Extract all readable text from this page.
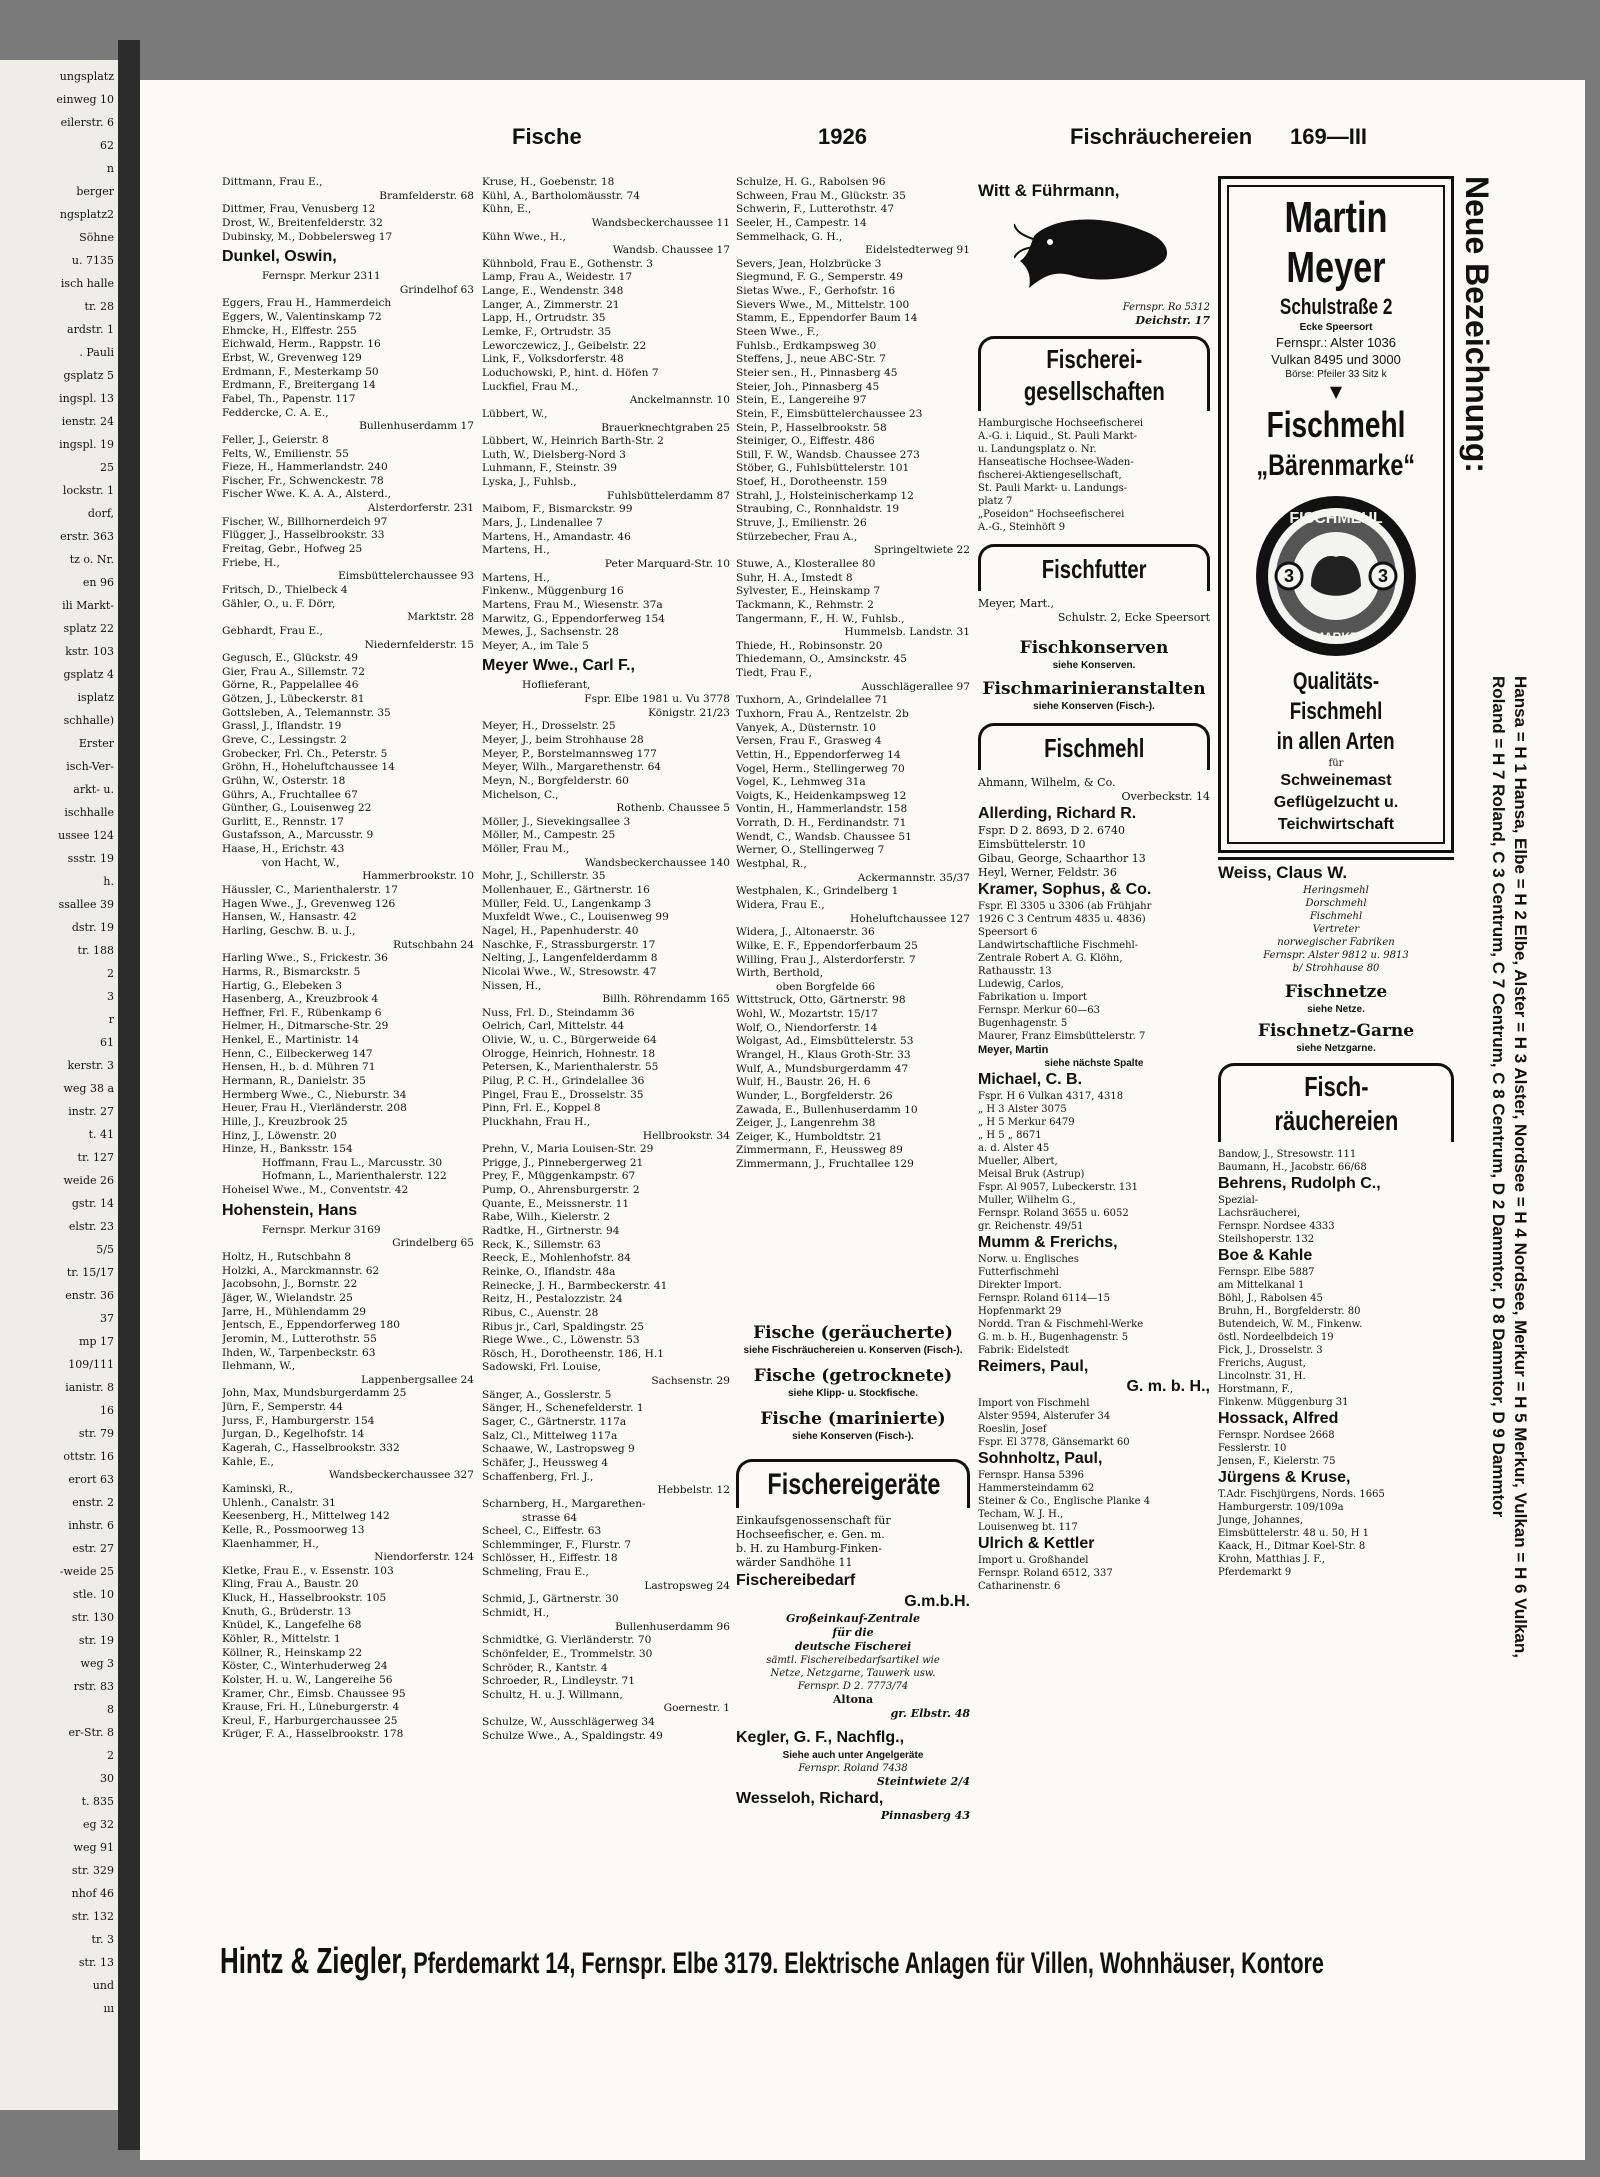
ungsplatz
einweg 10
eilerstr. 6
62
n
berger
ngsplatz2
Söhne
u. 7135
isch halle
tr. 28
ardstr. 1
. Pauli
gsplatz 5
ingspl. 13
ienstr. 24
ingspl. 19
25
lockstr. 1
dorf,
erstr. 363
tz o. Nr.
en 96
ili Markt-
splatz 22
kstr. 103
gsplatz 4
isplatz
schhalle)
Erster
isch-Ver-
arkt- u.
ischhalle
ussee 124
ssstr. 19
h.
ssallee 39
dstr. 19
tr. 188
2
3
r
61
kerstr. 3
weg 38 a
instr. 27
t. 41
tr. 127
weide 26
gstr. 14
elstr. 23
5/5
tr. 15/17
enstr. 36
37
mp 17
109/111
ianistr. 8
16
str. 79
ottstr. 16
erort 63
enstr. 2
inhstr. 6
estr. 27
-weide 25
stle. 10
str. 130
str. 19
weg 3
rstr. 83
8
er-Str. 8
2
30
t. 835
eg 32
weg 91
str. 329
nhof 46
str. 132
tr. 3
str. 13
und
ııı
Fische	1926	Fischräuchereien 169—III
Dittmann, Frau E.,
Bramfelderstr. 68
Dittmer, Frau, Venusberg 12
Drost, W., Breitenfelderstr. 32
Dubinsky, M., Dobbelersweg 17
Dunkel, Oswin,
Fernspr. Merkur 2311
Grindelhof 63
Eggers, Frau H., Hammerdeich
Eggers, W., Valentinskamp 72
Ehmcke, H., Elffestr. 255
Eichwald, Herm., Rappstr. 16
Erbst, W., Grevenweg 129
Erdmann, F., Mesterkamp 50
Erdmann, F., Breitergang 14
Fabel, Th., Papenstr. 117
Feddercke, C. A. E.,
Bullenhuserdamm 17
Feller, J., Geierstr. 8
Felts, W., Emilienstr. 55
Fieze, H., Hammerlandstr. 240
Fischer, Fr., Schwenckestr. 78
Fischer Wwe. K. A. A., Alsterd.,
Alsterdorferstr. 231
Fischer, W., Billhornerdeich 97
Flügger, J., Hasselbrookstr. 33
Freitag, Gebr., Hofweg 25
Friebe, H.,
Eimsbüttelerchaussee 93
Fritsch, D., Thielbeck 4
Gähler, O., u. F. Dörr,
Marktstr. 28
Gebhardt, Frau E.,
Niedernfelderstr. 15
Gegusch, E., Glückstr. 49
Gier, Frau A., Sillemstr. 72
Görne, R., Pappelallee 46
Götzen, J., Lübeckerstr. 81
Gottsleben, A., Telemannstr. 35
Grassl, J., Iflandstr. 19
Greve, C., Lessingstr. 2
Grobecker, Frl. Ch., Peterstr. 5
Gröhn, H., Hoheluftchaussee 14
Grühn, W., Osterstr. 18
Gührs, A., Fruchtallee 67
Günther, G., Louisenweg 22
Gurlitt, E., Rennstr. 17
Gustafsson, A., Marcusstr. 9
Haase, H., Erichstr. 43
von Hacht, W.,
Hammerbrookstr. 10
Häussler, C., Marienthalerstr. 17
Hagen Wwe., J., Grevenweg 126
Hansen, W., Hansastr. 42
Harling, Geschw. B. u. J.,
Rutschbahn 24
Harling Wwe., S., Frickestr. 36
Harms, R., Bismarckstr. 5
Hartig, G., Elebeken 3
Hasenberg, A., Kreuzbrook 4
Heffner, Frl. F., Rübenkamp 6
Helmer, H., Ditmarsche-Str. 29
Henkel, E., Martinistr. 14
Henn, C., Eilbeckerweg 147
Hensen, H., b. d. Mühren 71
Hermann, R., Danielstr. 35
Hermberg Wwe., C., Nieburstr. 34
Heuer, Frau H., Vierländerstr. 208
Hille, J., Kreuzbrook 25
Hinz, J., Löwenstr. 20
Hinze, H., Banksstr. 154
Hoffmann, Frau L., Marcusstr. 30
Hofmann, L., Marienthalerstr. 122
Hoheisel Wwe., M., Conventstr. 42
Hohenstein, Hans
Fernspr. Merkur 3169
Grindelberg 65
Holtz, H., Rutschbahn 8
Holzki, A., Marckmannstr. 62
Jacobsohn, J., Bornstr. 22
Jäger, W., Wielandstr. 25
Jarre, H., Mühlendamm 29
Jentsch, E., Eppendorferweg 180
Jeromin, M., Lutterothstr. 55
Ihden, W., Tarpenbeckstr. 63
Ilehmann, W.,
Lappenbergsallee 24
John, Max, Mundsburgerdamm 25
Jürn, F., Semperstr. 44
Jurss, F., Hamburgerstr. 154
Jurgan, D., Kegelhofstr. 14
Kagerah, C., Hasselbrookstr. 332
Kahle, E.,
Wandsbeckerchaussee 327
Kaminski, R.,
Uhlenh., Canalstr. 31
Keesenberg, H., Mittelweg 142
Kelle, R., Possmoorweg 13
Klaenhammer, H.,
Niendorferstr. 124
Kletke, Frau E., v. Essenstr. 103
Kling, Frau A., Baustr. 20
Kluck, H., Hasselbrookstr. 105
Knuth, G., Brüderstr. 13
Knüdel, K., Langefelhe 68
Köhler, R., Mittelstr. 1
Köllner, R., Heinskamp 22
Köster, C., Winterhuderweg 24
Kolster, H. u. W., Langereihe 56
Kramer, Chr., Eimsb. Chaussee 95
Krause, Fri. H., Lüneburgerstr. 4
Kreul, F., Harburgerchaussee 25
Krüger, F. A., Hasselbrookstr. 178
Kruse, H., Goebenstr. 18
Kühl, A., Bartholomäusstr. 74
Kühn, E.,
Wandsbeckerchaussee 11
Kühn Wwe., H.,
Wandsb. Chaussee 17
Kühnbold, Frau E., Gothenstr. 3
Lamp, Frau A., Weidestr. 17
Lange, E., Wendenstr. 348
Langer, A., Zimmerstr. 21
Lapp, H., Ortrudstr. 35
Lemke, F., Ortrudstr. 35
Leworczewicz, J., Geibelstr. 22
Link, F., Volksdorferstr. 48
Loduchowski, P., hint. d. Höfen 7
Luckfiel, Frau M.,
Anckelmannstr. 10
Lübbert, W.,
Brauerknechtgraben 25
Lübbert, W., Heinrich Barth-Str. 2
Luth, W., Dielsberg-Nord 3
Luhmann, F., Steinstr. 39
Lyska, J., Fuhlsb.,
Fuhlsbüttelerdamm 87
Maibom, F., Bismarckstr. 99
Mars, J., Lindenallee 7
Martens, H., Amandastr. 46
Martens, H.,
Peter Marquard-Str. 10
Martens, H.,
Finkenw., Müggenburg 16
Martens, Frau M., Wiesenstr. 37a
Marwitz, G., Eppendorferweg 154
Mewes, J., Sachsenstr. 28
Meyer, A., im Tale 5
Meyer Wwe., Carl F.,
Hoflieferant,
Fspr. Elbe 1981 u. Vu 3778
Königstr. 21/23
Meyer, H., Drosselstr. 25
Meyer, J., beim Strohhause 28
Meyer, P., Borstelmannsweg 177
Meyer, Wilh., Margarethenstr. 64
Meyn, N., Borgfelderstr. 60
Michelson, C.,
Rothenb. Chaussee 5
Möller, J., Sievekingsallee 3
Möller, M., Campestr. 25
Möller, Frau M.,
Wandsbeckerchaussee 140
Mohr, J., Schillerstr. 35
Mollenhauer, E., Gärtnerstr. 16
Müller, Feld. U., Langenkamp 3
Muxfeldt Wwe., C., Louisenweg 99
Nagel, H., Papenhuderstr. 40
Naschke, F., Strassburgerstr. 17
Nelting, J., Langenfelderdamm 8
Nicolai Wwe., W., Stresowstr. 47
Nissen, H.,
Billh. Röhrendamm 165
Nuss, Frl. D., Steindamm 36
Oelrich, Carl, Mittelstr. 44
Olivie, W., u. C., Bürgerweide 64
Olrogge, Heinrich, Hohnestr. 18
Petersen, K., Marienthalerstr. 55
Pilug, P. C. H., Grindelallee 36
Pingel, Frau E., Drosselstr. 35
Pinn, Frl. E., Koppel 8
Pluckhahn, Frau H.,
Hellbrookstr. 34
Prehn, V., Maria Louisen-Str. 29
Prigge, J., Pinnebergerweg 21
Prey, F., Müggenkampstr. 67
Pump, O., Ahrensburgerstr. 2
Quante, E., Meissnerstr. 11
Rabe, Wilh., Kielerstr. 2
Radtke, H., Girtnerstr. 94
Reck, K., Sillemstr. 63
Reeck, E., Mohlenhofstr. 84
Reinke, O., Iflandstr. 48a
Reinecke, J. H., Barmbeckerstr. 41
Reitz, H., Pestalozzistr. 24
Ribus, C., Auenstr. 28
Ribus jr., Carl, Spaldingstr. 25
Riege Wwe., C., Löwenstr. 53
Rösch, H., Dorotheenstr. 186, H.1
Sadowski, Frl. Louise,
Sachsenstr. 29
Sänger, A., Gosslerstr. 5
Sänger, H., Schenefelderstr. 1
Sager, C., Gärtnerstr. 117a
Salz, Cl., Mittelweg 117a
Schaawe, W., Lastropsweg 9
Schäfer, J., Heussweg 4
Schaffenberg, Frl. J.,
Hebbelstr. 12
Scharnberg, H., Margarethen-
strasse 64
Scheel, C., Eiffestr. 63
Schlemminger, F., Flurstr. 7
Schlösser, H., Eiffestr. 18
Schmeling, Frau E.,
Lastropsweg 24
Schmid, J., Gärtnerstr. 30
Schmidt, H.,
Bullenhuserdamm 96
Schmidtke, G. Vierländerstr. 70
Schönfelder, E., Trommelstr. 30
Schröder, R., Kantstr. 4
Schroeder, R., Lindleystr. 71
Schultz, H. u. J. Willmann,
Goernestr. 1
Schulze, W., Ausschlägerweg 34
Schulze Wwe., A., Spaldingstr. 49
Schulze, H. G., Rabolsen 96
Schween, Frau M., Glückstr. 35
Schwerin, F., Lutterothstr. 47
Seeler, H., Campestr. 14
Semmelhack, G. H.,
Eidelstedterweg 91
Severs, Jean, Holzbrücke 3
Siegmund, F. G., Semperstr. 49
Sietas Wwe., F., Gerhofstr. 16
Sievers Wwe., M., Mittelstr. 100
Stamm, E., Eppendorfer Baum 14
Steen Wwe., F.,
Fuhlsb., Erdkampsweg 30
Steffens, J., neue ABC-Str. 7
Steier sen., H., Pinnasberg 45
Steier, Joh., Pinnasberg 45
Stein, E., Langereihe 97
Stein, F., Eimsbüttelerchaussee 23
Stein, P., Hasselbrookstr. 58
Steiniger, O., Eiffestr. 486
Still, F. W., Wandsb. Chaussee 273
Stöber, G., Fuhlsbüttelerstr. 101
Stoef, H., Dorotheenstr. 159
Strahl, J., Holsteinischerkamp 12
Straubing, C., Ronnhaldstr. 19
Struve, J., Emilienstr. 26
Stürzebecher, Frau A.,
Springeltwiete 22
Stuwe, A., Klosterallee 80
Suhr, H. A., Imstedt 8
Sylvester, E., Heinskamp 7
Tackmann, K., Rehmstr. 2
Tangermann, F., H. W., Fuhlsb.,
Hummelsb. Landstr. 31
Thiede, H., Robinsonstr. 20
Thiedemann, O., Amsinckstr. 45
Tiedt, Frau F.,
Ausschlägerallee 97
Tuxhorn, A., Grindelallee 71
Tuxhorn, Frau A., Rentzelstr. 2b
Vanyek, A., Düsternstr. 10
Versen, Frau F., Grasweg 4
Vettin, H., Eppendorferweg 14
Vogel, Herm., Stellingerweg 70
Vogel, K., Lehmweg 31a
Voigts, K., Heidenkampsweg 12
Vontin, H., Hammerlandstr. 158
Vorrath, D. H., Ferdinandstr. 71
Wendt, C., Wandsb. Chaussee 51
Werner, O., Stellingerweg 7
Westphal, R.,
Ackermannstr. 35/37
Westphalen, K., Grindelberg 1
Widera, Frau E.,
Hoheluftchaussee 127
Widera, J., Altonaerstr. 36
Wilke, E. F., Eppendorferbaum 25
Willing, Frau J., Alsterdorferstr. 7
Wirth, Berthold,
oben Borgfelde 66
Wittstruck, Otto, Gärtnerstr. 98
Wohl, W., Mozartstr. 15/17
Wolf, O., Niendorferstr. 14
Wolgast, Ad., Eimsbüttelerstr. 53
Wrangel, H., Klaus Groth-Str. 33
Wulf, A., Mundsburgerdamm 47
Wulf, H., Baustr. 26, H. 6
Wunder, L., Borgfelderstr. 26
Zawada, E., Bullenhuserdamm 10
Zeiger, J., Langenrehm 38
Zeiger, K., Humboldtstr. 21
Zimmermann, F., Heussweg 89
Zimmermann, J., Fruchtallee 129
Fische (geräucherte)
siehe Fischräuchereien u. Konserven (Fisch-).
Fische (getrocknete)
siehe Klipp- u. Stockfische.
Fische (marinierte)
siehe Konserven (Fisch-).
Fischereigeräte
Einkaufsgenossenschaft für
Hochseefischer, e. Gen. m.
b. H. zu Hamburg-Finken-
wärder Sandhöhe 11
Fischereibedarf
G.m.b.H.
Großeinkauf-Zentrale
für die
deutsche Fischerei
sämtl. Fischereibedarfsartikel wie
Netze, Netzgarne, Tauwerk usw.
Fernspr. D 2. 7773/74
Altona
gr. Elbstr. 48
Kegler, G. F., Nachflg.,
Siehe auch unter Angelgeräte
Fernspr. Roland 7438
Steintwiete 2/4
Wesseloh, Richard,
Pinnasberg 43
Witt & Führmann,
Fernspr. Ro 5312
Deichstr. 17
Fischerei-
gesellschaften
Hamburgische Hochseefischerei
A.-G. i. Liquid., St. Pauli Markt-
u. Landungsplatz o. Nr.
Hanseatische Hochsee-Waden-
fischerei-Aktiengesellschaft,
St. Pauli Markt- u. Landungs-
platz 7
„Poseidon“ Hochseefischerei
A.-G., Steinhöft 9
Fischfutter
Meyer, Mart.,
Schulstr. 2, Ecke Speersort
Fischkonserven
siehe Konserven.
Fischmarinieranstalten
siehe Konserven (Fisch-).
Fischmehl
Ahmann, Wilhelm, & Co.
Overbeckstr. 14
Allerding, Richard R.
Fspr. D 2. 8693, D 2. 6740
Eimsbüttelerstr. 10
Gibau, George, Schaarthor 13
Heyl, Werner, Feldstr. 36
Kramer, Sophus, & Co.
Fspr. El 3305 u 3306 (ab Frühjahr
1926 C 3 Centrum 4835 u. 4836)
Speersort 6
Landwirtschaftliche Fischmehl-
Zentrale Robert A. G. Klöhn,
Rathausstr. 13
Ludewig, Carlos,
Fabrikation u. Import
Fernspr. Merkur 60—63
Bugenhagenstr. 5
Maurer, Franz Eimsbüttelerstr. 7
Meyer, Martin
siehe nächste Spalte
Michael, C. B.
Fspr. H 6 Vulkan 4317, 4318
„ H 3 Alster 3075
„ H 5 Merkur 6479
„ H 5 „ 8671
a. d. Alster 45
Mueller, Albert,
Meisal Bruk (Astrup)
Fspr. Al 9057, Lubeckerstr. 131
Muller, Wilhelm G.,
Fernspr. Roland 3655 u. 6052
gr. Reichenstr. 49/51
Mumm & Frerichs,
Norw. u. Englisches
Futterfischmehl
Direkter Import.
Fernspr. Roland 6114—15
Hopfenmarkt 29
Nordd. Tran & Fischmehl-Werke
G. m. b. H., Bugenhagenstr. 5
Fabrik: Eidelstedt
Reimers, Paul,
G. m. b. H.,
Import von Fischmehl
Alster 9594, Alsterufer 34
Roeslin, Josef
Fspr. El 3778, Gänsemarkt 60
Sohnholtz, Paul,
Fernspr. Hansa 5396
Hammersteindamm 62
Steiner & Co., Englische Planke 4
Techam, W. J. H.,
Louisenweg bt. 117
Ulrich & Kettler
Import u. Großhandel
Fernspr. Roland 6512, 337
Catharinenstr. 6
Martin Meyer Schulstraße 2
Ecke Speersort
Fernspr.: Alster 1036
Vulkan 8495 und 3000
Börse: Pfeiler 33 Sitz k
▼
Fischmehl „Bärenmarke“
3	3
FISCHMEHL
MARKE
Qualitäts-Fischmehl in allen Arten
für
Schweinemast
Geflügelzucht u.
Teichwirtschaft
Weiss, Claus W.
Heringsmehl
Dorschmehl
Fischmehl
Vertreter
norwegischer Fabriken
Fernspr. Alster 9812 u. 9813
b/ Strohhause 80
Fischnetze
siehe Netze.
Fischnetz-Garne
siehe Netzgarne.
Fisch-
räuchereien
Bandow, J., Stresowstr. 111
Baumann, H., Jacobstr. 66/68
Behrens, Rudolph C.,
Spezial-
Lachsräucherei,
Fernspr. Nordsee 4333
Steilshoperstr. 132
Boe & Kahle
Fernspr. Elbe 5887
am Mittelkanal 1
Böhl, J., Rabolsen 45
Bruhn, H., Borgfelderstr. 80
Butendeich, W. M., Finkenw.
östl. Nordeelbdeich 19
Fick, J., Drosselstr. 3
Frerichs, August,
Lincolnstr. 31, H.
Horstmann, F.,
Finkenw. Müggenburg 31
Hossack, Alfred
Fernspr. Nordsee 2668
Fesslerstr. 10
Jensen, F., Kielerstr. 75
Jürgens & Kruse,
T.Adr. Fischjürgens, Nords. 1665
Hamburgerstr. 109/109a
Junge, Johannes,
Eimsbüttelerstr. 48 u. 50, H 1
Kaack, H., Ditmar Koel-Str. 8
Krohn, Matthias J. F.,
Pferdemarkt 9
Neue Bezeichnung:
Hansa = H 1 Hansa, Elbe = H 2 Elbe, Alster = H 3 Alster, Nordsee = H 4 Nordsee, Merkur = H 5 Merkur, Vulkan = H 6 Vulkan,
Roland = H 7 Roland, C 3 Centrum, C 7 Centrum, C 8 Centrum, D 2 Dammtor, D 8 Dammtor, D 9 Dammtor
Hintz & Ziegler, Pferdemarkt 14, Fernspr. Elbe 3179. Elektrische Anlagen für Villen, Wohnhäuser, Kontore
